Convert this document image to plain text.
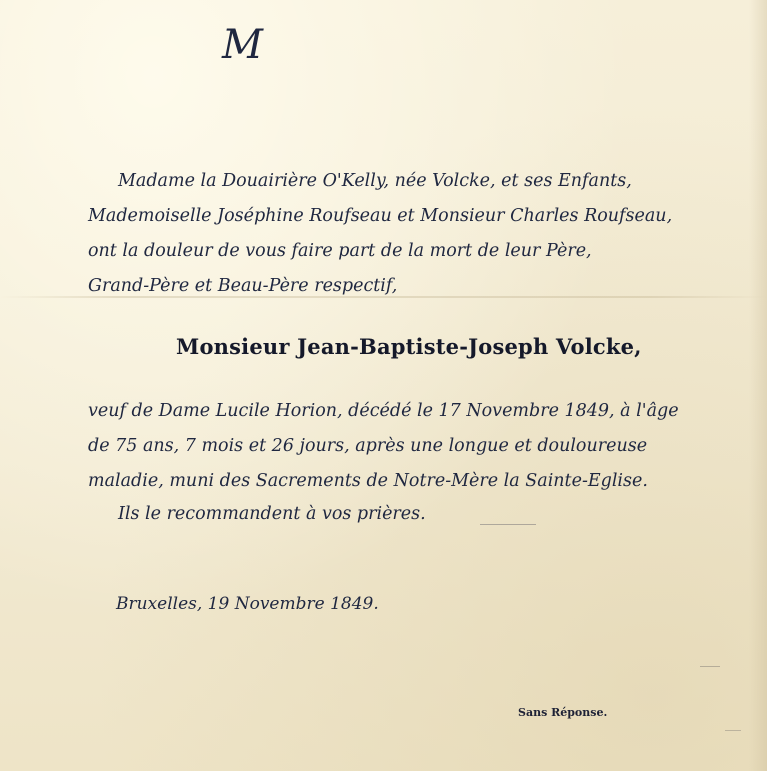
M

Madame la Douairière O'Kelly, née Volcke, et ses Enfants,

Mademoiselle Joséphine Roufseau et Monsieur Charles Roufseau,

ont la douleur de vous faire part de la mort de leur Père,

Grand-Père et Beau-Père respectif,

Monsieur Jean-Baptiste-Joseph Volcke,

veuf de Dame Lucile Horion, décédé le 17 Novembre 1849, à l'âge

de 75 ans, 7 mois et 26 jours, après une longue et douloureuse

maladie, muni des Sacrements de Notre-Mère la Sainte-Eglise.

Ils le recommandent à vos prières.

Bruxelles, 19 Novembre 1849.

Sans Réponse.
